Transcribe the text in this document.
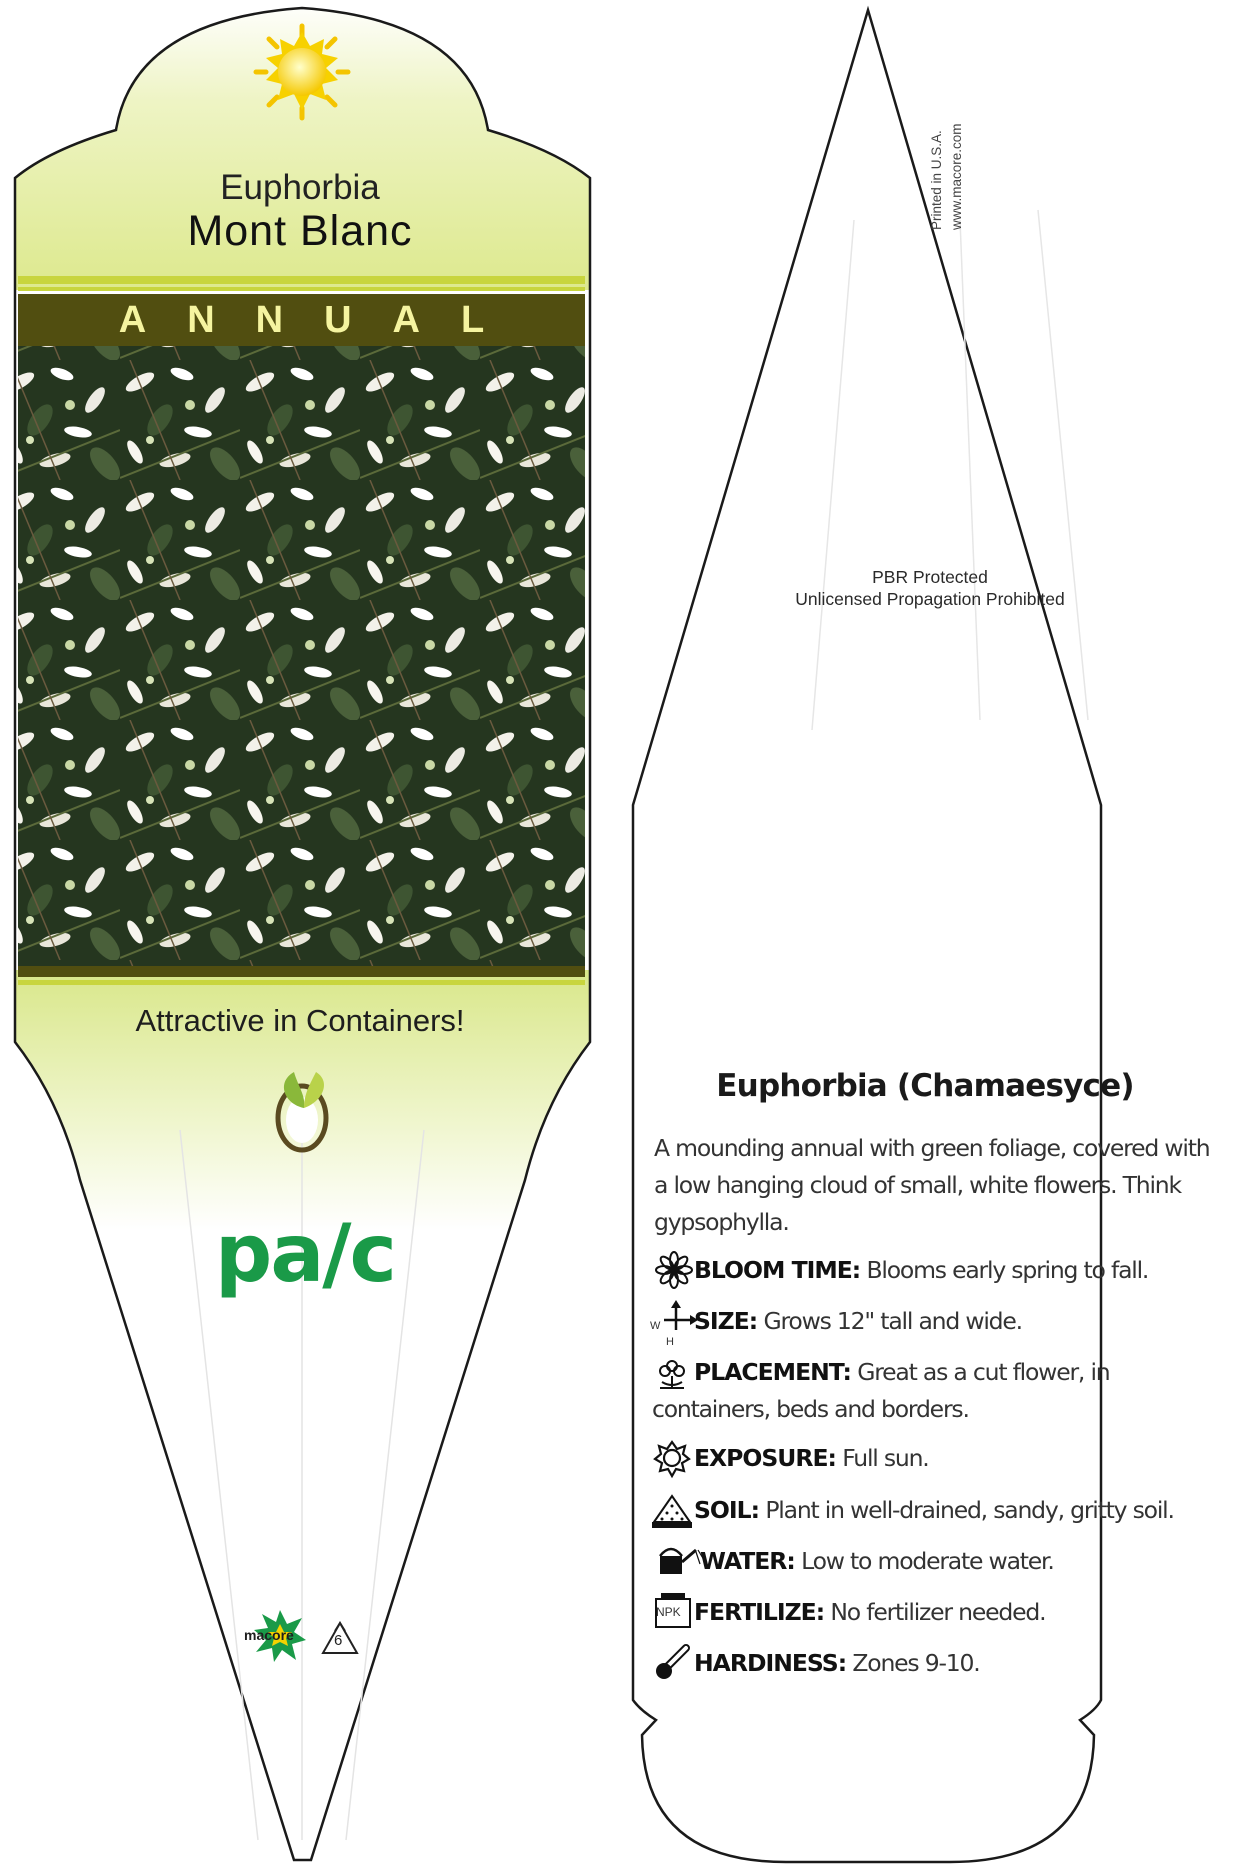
Euphorbia
Mont Blanc
ANNUAL
Attractive in Containers!
pa/c
macore	6
Printed in U.S.A. www.macore.com
PBR Protected
Unlicensed Propagation Prohibited
Euphorbia (Chamaesyce)
A mounding annual with green foliage, covered with a low hanging cloud of small, white flowers. Think gypsophylla.
BLOOM TIME: Blooms early spring to fall.
W
H
SIZE: Grows 12" tall and wide.
PLACEMENT: Great as a cut flower, in containers, beds and borders.
EXPOSURE: Full sun.
SOIL: Plant in well-drained, sandy, gritty soil.
WATER: Low to moderate water.
NPK FERTILIZE: No fertilizer needed.
HARDINESS: Zones 9-10.
